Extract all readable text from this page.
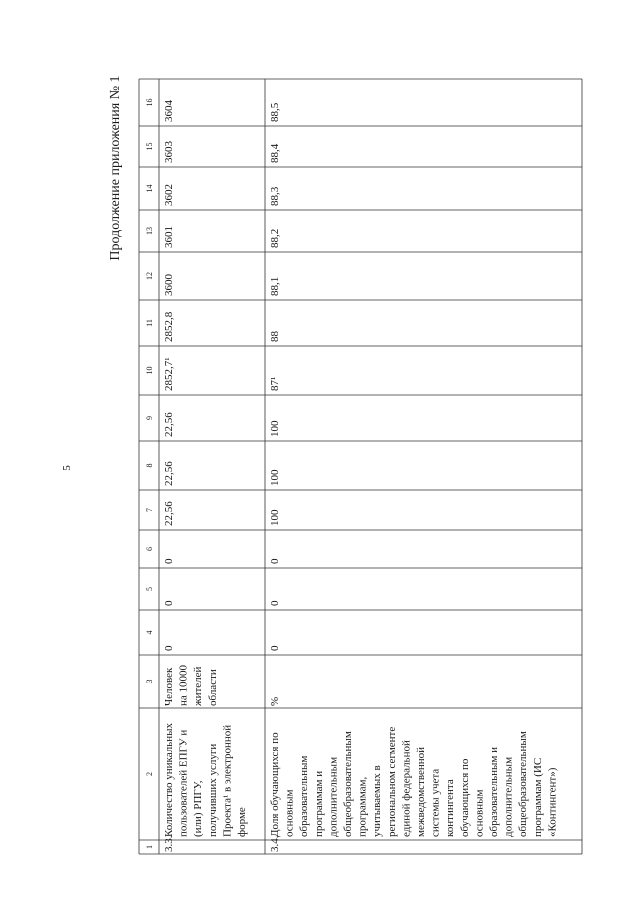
5
Продолжение приложения № 1
1
2
3
4
5
6
7
8
9
10
11
12
13
14
15
16
3.3.
Количество уникальных пользователей ЕПГУ и (или) РПГУ, получивших услуги Проекта¹ в электронной форме
Человек на 10000 жителей области
0
0
0
22,56
22,56
22,56
2852,7¹
2852,8
3600
3601
3602
3603
3604
3.4.
Доля обучающихся по основным образовательным программам и дополнительным общеобразовательным программам, учитываемых в региональном сегменте единой федеральной межведомственной системы учета контингента обучающихся по основным образовательным и дополнительным общеобразовательным программам (ИС «Контингент»)
%
0
0
0
100
100
100
87¹
88
88,1
88,2
88,3
88,4
88,5
